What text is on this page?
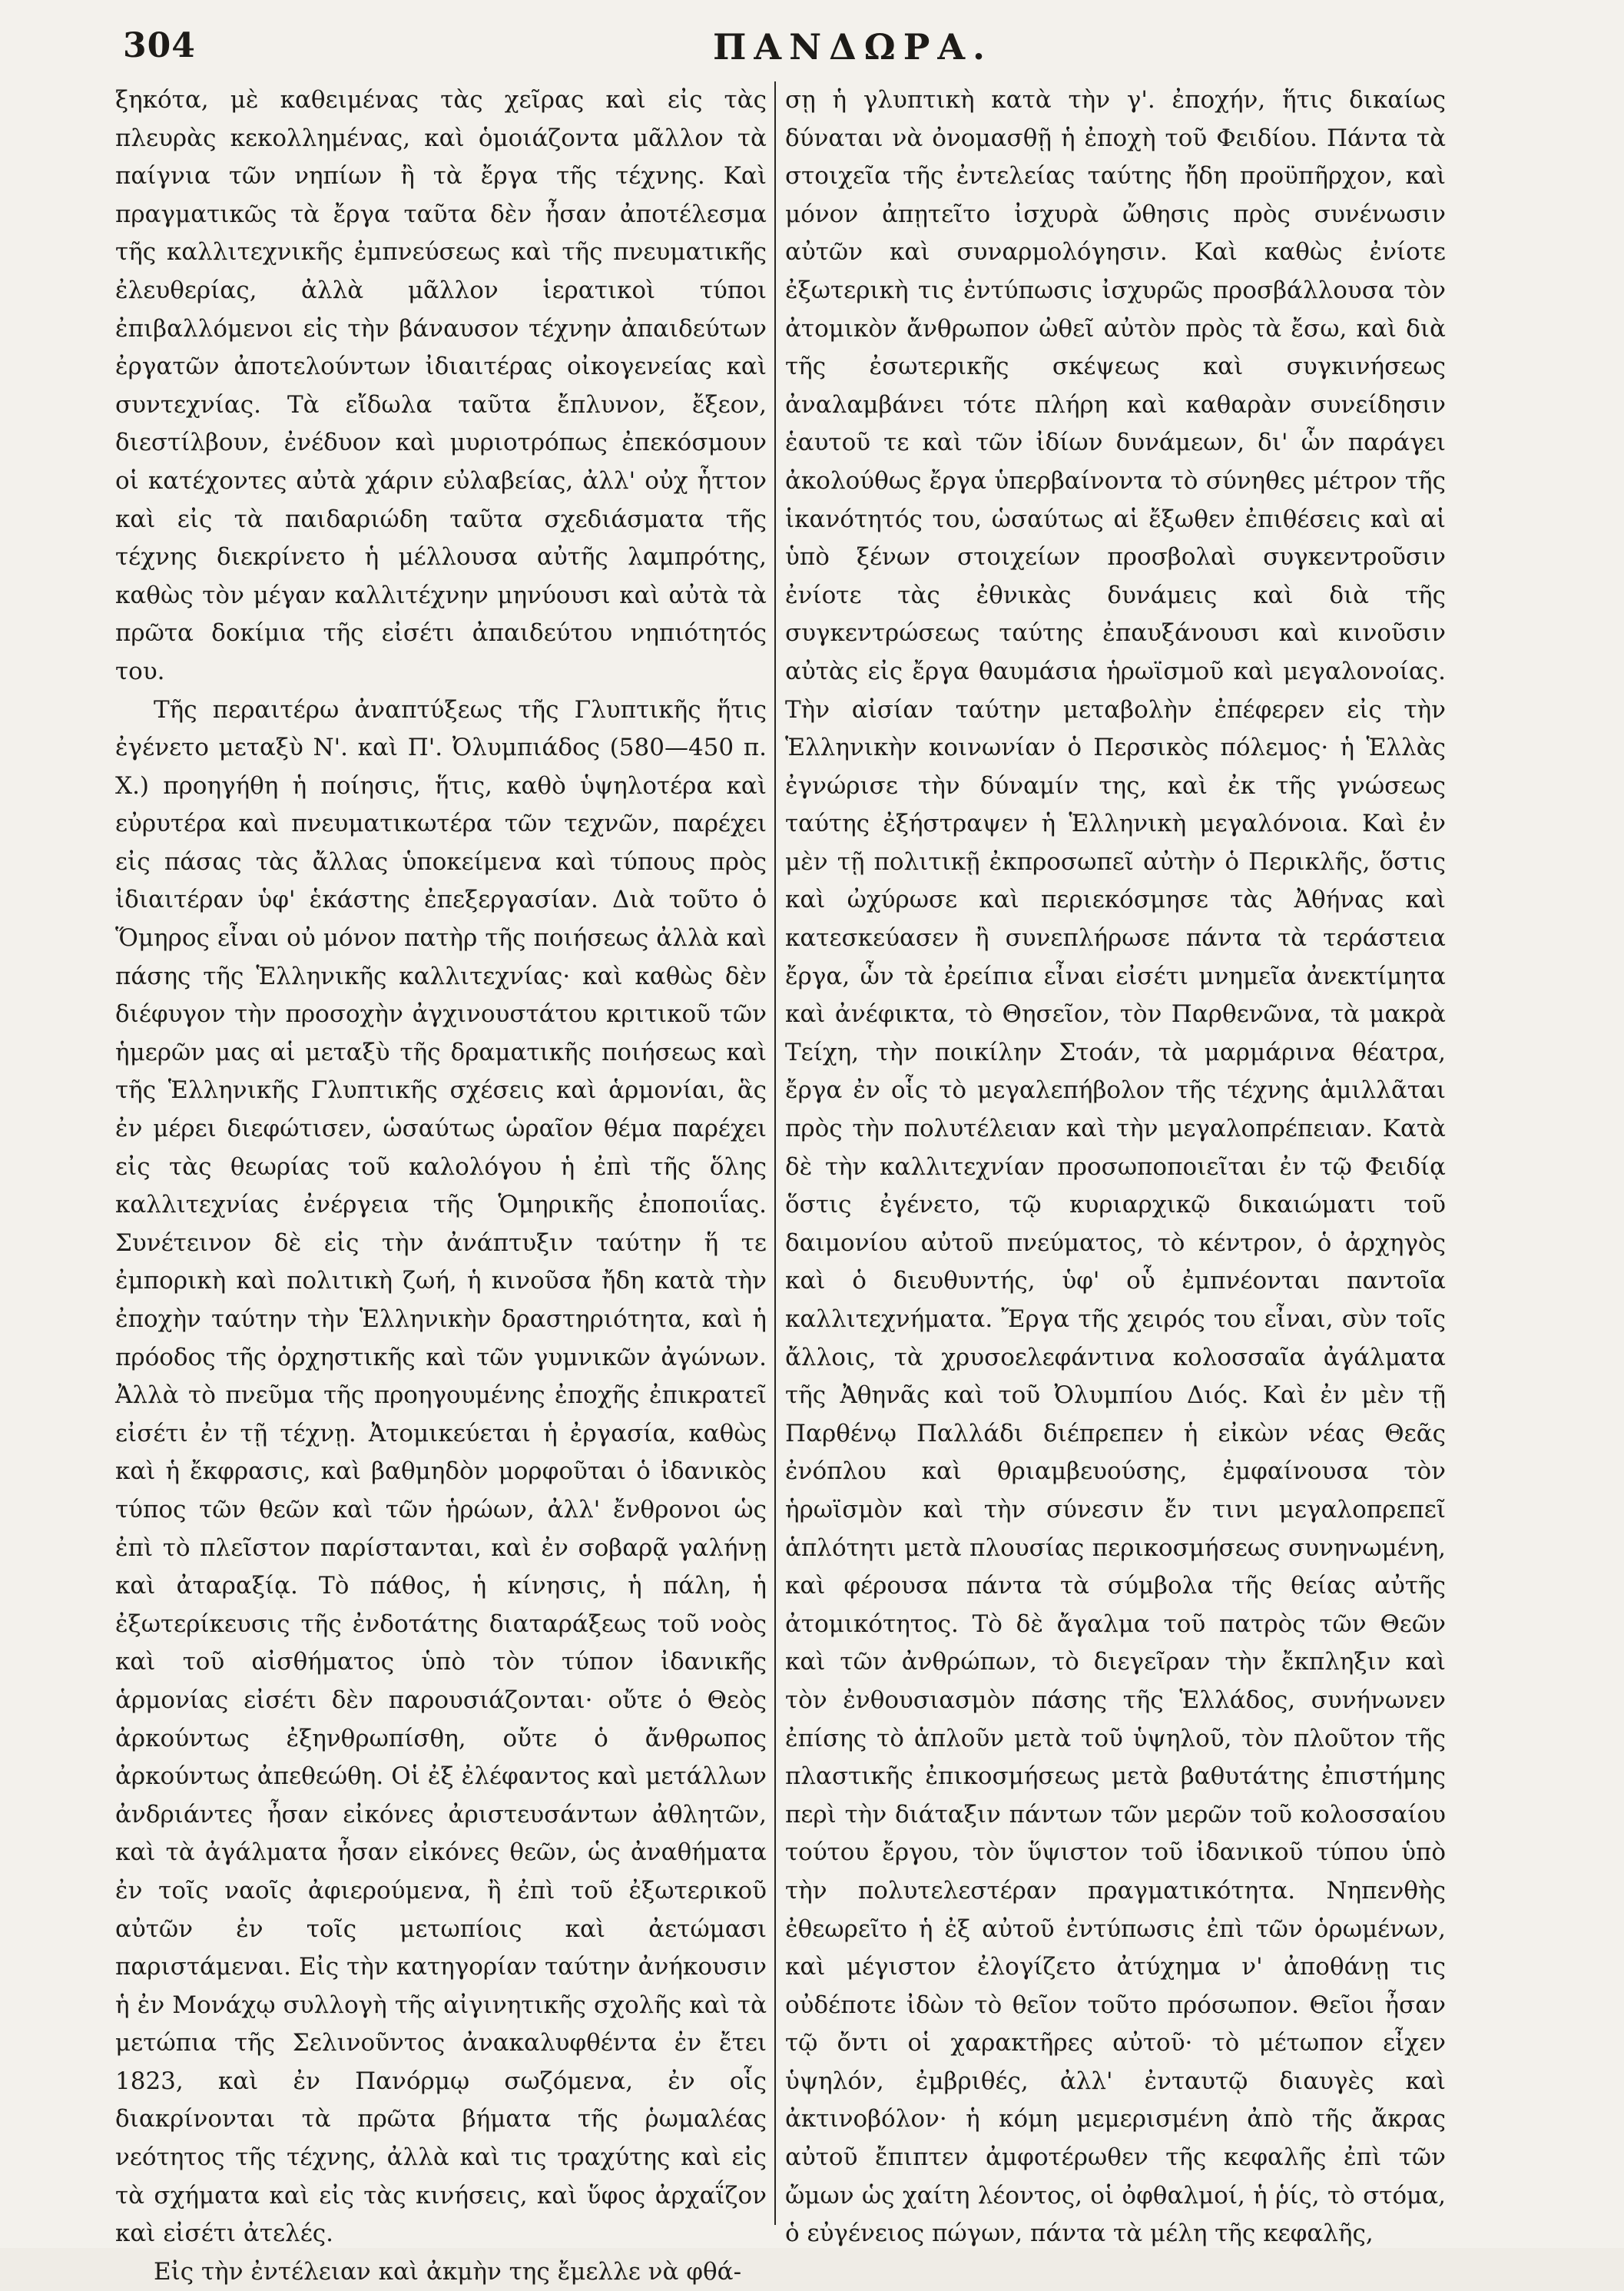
304	ΠΑΝΔΩΡΑ.

ξηκότα, μὲ καθειμένας τὰς χεῖρας καὶ εἰς τὰς πλευρὰς κεκολλημένας, καὶ ὁμοιάζοντα μᾶλλον τὰ παίγνια τῶν νηπίων ἢ τὰ ἔργα τῆς τέχνης. Καὶ πραγματικῶς τὰ ἔργα ταῦτα δὲν ἦσαν ἀποτέλεσμα τῆς καλλιτεχνικῆς ἐμπνεύσεως καὶ τῆς πνευματικῆς ἐλευθερίας, ἀλλὰ μᾶλλον ἱερατικοὶ τύποι ἐπιβαλλόμενοι εἰς τὴν βάναυσον τέχνην ἀπαιδεύτων ἐργατῶν ἀποτελούντων ἰδιαιτέρας οἰκογενείας καὶ συντεχνίας. Τὰ εἴδωλα ταῦτα ἔπλυνον, ἔξεον, διεστίλβουν, ἐνέδυον καὶ μυριοτρόπως ἐπεκόσμουν οἱ κατέχοντες αὐτὰ χάριν εὐλαβείας, ἀλλ' οὐχ ἧττον καὶ εἰς τὰ παιδαριώδη ταῦτα σχεδιάσματα τῆς τέχνης διεκρίνετο ἡ μέλλουσα αὐτῆς λαμπρότης, καθὼς τὸν μέγαν καλλιτέχνην μηνύουσι καὶ αὐτὰ τὰ πρῶτα δοκίμια τῆς εἰσέτι ἀπαιδεύτου νηπιότητός του.

Τῆς περαιτέρω ἀναπτύξεως τῆς Γλυπτικῆς ἥτις ἐγένετο μεταξὺ Ν'. καὶ Π'. Ὀλυμπιάδος (580—450 π. Χ.) προηγήθη ἡ ποίησις, ἥτις, καθὸ ὑψηλοτέρα καὶ εὐρυτέρα καὶ πνευματικωτέρα τῶν τεχνῶν, παρέχει εἰς πάσας τὰς ἄλλας ὑποκείμενα καὶ τύπους πρὸς ἰδιαιτέραν ὑφ' ἑκάστης ἐπεξεργασίαν. Διὰ τοῦτο ὁ Ὅμηρος εἶναι οὐ μόνον πατὴρ τῆς ποιήσεως ἀλλὰ καὶ πάσης τῆς Ἑλληνικῆς καλλιτεχνίας· καὶ καθὼς δὲν διέφυγον τὴν προσοχὴν ἀγχινουστάτου κριτικοῦ τῶν ἡμερῶν μας αἱ μεταξὺ τῆς δραματικῆς ποιήσεως καὶ τῆς Ἑλληνικῆς Γλυπτικῆς σχέσεις καὶ ἁρμονίαι, ἃς ἐν μέρει διεφώτισεν, ὡσαύτως ὡραῖον θέμα παρέχει εἰς τὰς θεωρίας τοῦ καλολόγου ἡ ἐπὶ τῆς ὅλης καλλιτεχνίας ἐνέργεια τῆς Ὁμηρικῆς ἐποποιΐας. Συνέτεινον δὲ εἰς τὴν ἀνάπτυξιν ταύτην ἥ τε ἐμπορικὴ καὶ πολιτικὴ ζωή, ἡ κινοῦσα ἤδη κατὰ τὴν ἐποχὴν ταύτην τὴν Ἑλληνικὴν δραστηριότητα, καὶ ἡ πρόοδος τῆς ὀρχηστικῆς καὶ τῶν γυμνικῶν ἀγώνων. Ἀλλὰ τὸ πνεῦμα τῆς προηγουμένης ἐποχῆς ἐπικρατεῖ εἰσέτι ἐν τῇ τέχνῃ. Ἀτομικεύεται ἡ ἐργασία, καθὼς καὶ ἡ ἔκφρασις, καὶ βαθμηδὸν μορφοῦται ὁ ἰδανικὸς τύπος τῶν θεῶν καὶ τῶν ἡρώων, ἀλλ' ἔνθρονοι ὡς ἐπὶ τὸ πλεῖστον παρίστανται, καὶ ἐν σοβαρᾷ γαλήνῃ καὶ ἀταραξίᾳ. Τὸ πάθος, ἡ κίνησις, ἡ πάλη, ἡ ἐξωτερίκευσις τῆς ἐνδοτάτης διαταράξεως τοῦ νοὸς καὶ τοῦ αἰσθήματος ὑπὸ τὸν τύπον ἰδανικῆς ἁρμονίας εἰσέτι δὲν παρουσιάζονται· οὔτε ὁ Θεὸς ἀρκούντως ἐξηνθρωπίσθη, οὔτε ὁ ἄνθρωπος ἀρκούντως ἀπεθεώθη. Οἱ ἐξ ἐλέφαντος καὶ μετάλλων ἀνδριάντες ἦσαν εἰκόνες ἀριστευσάντων ἀθλητῶν, καὶ τὰ ἀγάλματα ἦσαν εἰκόνες θεῶν, ὡς ἀναθήματα ἐν τοῖς ναοῖς ἀφιερούμενα, ἢ ἐπὶ τοῦ ἐξωτερικοῦ αὐτῶν ἐν τοῖς μετωπίοις καὶ ἀετώμασι παριστάμεναι. Εἰς τὴν κατηγορίαν ταύτην ἀνήκουσιν ἡ ἐν Μονάχῳ συλλογὴ τῆς αἰγινητικῆς σχολῆς καὶ τὰ μετώπια τῆς Σελινοῦντος ἀνακαλυφθέντα ἐν ἔτει 1823, καὶ ἐν Πανόρμῳ σωζόμενα, ἐν οἷς διακρίνονται τὰ πρῶτα βήματα τῆς ῥωμαλέας νεότητος τῆς τέχνης, ἀλλὰ καὶ τις τραχύτης καὶ εἰς τὰ σχήματα καὶ εἰς τὰς κινήσεις, καὶ ὕφος ἀρχαΐζον καὶ εἰσέτι ἀτελές.

Εἰς τὴν ἐντέλειαν καὶ ἀκμὴν της ἔμελλε νὰ φθά-

σῃ ἡ γλυπτικὴ κατὰ τὴν γ'. ἐποχήν, ἥτις δικαίως δύναται νὰ ὀνομασθῇ ἡ ἐποχὴ τοῦ Φειδίου. Πάντα τὰ στοιχεῖα τῆς ἐντελείας ταύτης ἤδη προϋπῆρχον, καὶ μόνον ἀπῃτεῖτο ἰσχυρὰ ὤθησις πρὸς συνένωσιν αὐτῶν καὶ συναρμολόγησιν. Καὶ καθὼς ἐνίοτε ἐξωτερικὴ τις ἐντύπωσις ἰσχυρῶς προσβάλλουσα τὸν ἀτομικὸν ἄνθρωπον ὠθεῖ αὐτὸν πρὸς τὰ ἔσω, καὶ διὰ τῆς ἐσωτερικῆς σκέψεως καὶ συγκινήσεως ἀναλαμβάνει τότε πλήρη καὶ καθαρὰν συνείδησιν ἑαυτοῦ τε καὶ τῶν ἰδίων δυνάμεων, δι' ὧν παράγει ἀκολούθως ἔργα ὑπερβαίνοντα τὸ σύνηθες μέτρον τῆς ἱκανότητός του, ὡσαύτως αἱ ἔξωθεν ἐπιθέσεις καὶ αἱ ὑπὸ ξένων στοιχείων προσβολαὶ συγκεντροῦσιν ἐνίοτε τὰς ἐθνικὰς δυνάμεις καὶ διὰ τῆς συγκεντρώσεως ταύτης ἐπαυξάνουσι καὶ κινοῦσιν αὐτὰς εἰς ἔργα θαυμάσια ἡρωϊσμοῦ καὶ μεγαλονοίας. Τὴν αἰσίαν ταύτην μεταβολὴν ἐπέφερεν εἰς τὴν Ἑλληνικὴν κοινωνίαν ὁ Περσικὸς πόλεμος· ἡ Ἑλλὰς ἐγνώρισε τὴν δύναμίν της, καὶ ἐκ τῆς γνώσεως ταύτης ἐξήστραψεν ἡ Ἑλληνικὴ μεγαλόνοια. Καὶ ἐν μὲν τῇ πολιτικῇ ἐκπροσωπεῖ αὐτὴν ὁ Περικλῆς, ὅστις καὶ ὠχύρωσε καὶ περιεκόσμησε τὰς Ἀθήνας καὶ κατεσκεύασεν ἢ συνεπλήρωσε πάντα τὰ τεράστεια ἔργα, ὧν τὰ ἐρείπια εἶναι εἰσέτι μνημεῖα ἀνεκτίμητα καὶ ἀνέφικτα, τὸ Θησεῖον, τὸν Παρθενῶνα, τὰ μακρὰ Τείχη, τὴν ποικίλην Στοάν, τὰ μαρμάρινα θέατρα, ἔργα ἐν οἷς τὸ μεγαλεπήβολον τῆς τέχνης ἁμιλλᾶται πρὸς τὴν πολυτέλειαν καὶ τὴν μεγαλοπρέπειαν. Κατὰ δὲ τὴν καλλιτεχνίαν προσωποποιεῖται ἐν τῷ Φειδίᾳ ὅστις ἐγένετο, τῷ κυριαρχικῷ δικαιώματι τοῦ δαιμονίου αὐτοῦ πνεύματος, τὸ κέντρον, ὁ ἀρχηγὸς καὶ ὁ διευθυντής, ὑφ' οὗ ἐμπνέονται παντοῖα καλλιτεχνήματα. Ἔργα τῆς χειρός του εἶναι, σὺν τοῖς ἄλλοις, τὰ χρυσοελεφάντινα κολοσσαῖα ἀγάλματα τῆς Ἀθηνᾶς καὶ τοῦ Ὀλυμπίου Διός. Καὶ ἐν μὲν τῇ Παρθένῳ Παλλάδι διέπρεπεν ἡ εἰκὼν νέας Θεᾶς ἐνόπλου καὶ θριαμβευούσης, ἐμφαίνουσα τὸν ἡρωϊσμὸν καὶ τὴν σύνεσιν ἔν τινι μεγαλοπρεπεῖ ἁπλότητι μετὰ πλουσίας περικοσμήσεως συνηνωμένη, καὶ φέρουσα πάντα τὰ σύμβολα τῆς θείας αὐτῆς ἀτομικότητος. Τὸ δὲ ἄγαλμα τοῦ πατρὸς τῶν Θεῶν καὶ τῶν ἀνθρώπων, τὸ διεγεῖραν τὴν ἔκπληξιν καὶ τὸν ἐνθουσιασμὸν πάσης τῆς Ἑλλάδος, συνήνωνεν ἐπίσης τὸ ἁπλοῦν μετὰ τοῦ ὑψηλοῦ, τὸν πλοῦτον τῆς πλαστικῆς ἐπικοσμήσεως μετὰ βαθυτάτης ἐπιστήμης περὶ τὴν διάταξιν πάντων τῶν μερῶν τοῦ κολοσσαίου τούτου ἔργου, τὸν ὕψιστον τοῦ ἰδανικοῦ τύπου ὑπὸ τὴν πολυτελεστέραν πραγματικότητα. Νηπενθὴς ἐθεωρεῖτο ἡ ἐξ αὐτοῦ ἐντύπωσις ἐπὶ τῶν ὁρωμένων, καὶ μέγιστον ἐλογίζετο ἀτύχημα ν' ἀποθάνῃ τις οὐδέποτε ἰδὼν τὸ θεῖον τοῦτο πρόσωπον. Θεῖοι ἦσαν τῷ ὄντι οἱ χαρακτῆρες αὐτοῦ· τὸ μέτωπον εἶχεν ὑψηλόν, ἐμβριθές, ἀλλ' ἐνταυτῷ διαυγὲς καὶ ἀκτινοβόλον· ἡ κόμη μεμερισμένη ἀπὸ τῆς ἄκρας αὐτοῦ ἔπιπτεν ἀμφοτέρωθεν τῆς κεφαλῆς ἐπὶ τῶν ὤμων ὡς χαίτη λέοντος, οἱ ὀφθαλμοί, ἡ ῥίς, τὸ στόμα, ὁ εὐγένειος πώγων, πάντα τὰ μέλη τῆς κεφαλῆς,
